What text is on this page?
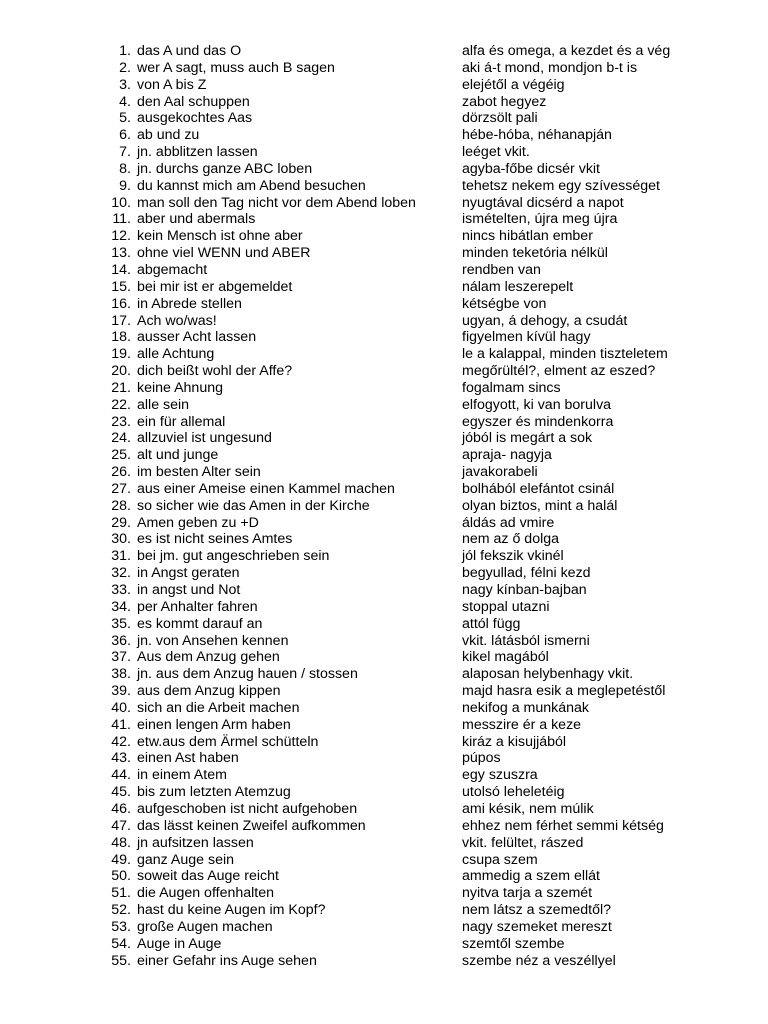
1. das A und das O	alfa és omega, a kezdet és a vég
2. wer A sagt, muss auch B sagen	aki á-t mond, mondjon b-t is
3. von A bis Z	elejétől a végéig
4. den Aal schuppen	zabot hegyez
5. ausgekochtes Aas	dörzsölt pali
6. ab und zu	hébe-hóba, néhanapján
7. jn. abblitzen lassen	leéget vkit.
8. jn. durchs ganze ABC loben	agyba-főbe dicsér vkit
9. du kannst mich am Abend besuchen	tehetsz nekem egy szívességet
10. man soll den Tag nicht vor dem Abend loben	nyugtával dicsérd a napot
11. aber und abermals	ismételten, újra meg újra
12. kein Mensch ist ohne aber	nincs hibátlan ember
13. ohne viel WENN und ABER	minden teketória nélkül
14. abgemacht	rendben van
15. bei mir ist er abgemeldet	nálam leszerepelt
16. in Abrede stellen	kétségbe von
17. Ach wo/was!	ugyan, á dehogy, a csudát
18. ausser Acht lassen	figyelmen kívül hagy
19. alle Achtung	le a kalappal, minden tiszteletem
20. dich beißt wohl der Affe?	megőrültél?, elment az eszed?
21. keine Ahnung	fogalmam sincs
22. alle sein	elfogyott, ki van borulva
23. ein für allemal	egyszer és mindenkorra
24. allzuviel ist ungesund	jóból is megárt a sok
25. alt und junge	apraja- nagyja
26. im besten Alter sein	javakorabeli
27. aus einer Ameise einen Kammel machen	bolhából elefántot csinál
28. so sicher wie das Amen in der Kirche	olyan biztos, mint a halál
29. Amen geben zu +D	áldás ad vmire
30. es ist nicht seines Amtes	nem az ő dolga
31. bei jm. gut angeschrieben sein	jól fekszik vkinél
32. in Angst geraten	begyullad, félni kezd
33. in angst und Not	nagy kínban-bajban
34. per Anhalter fahren	stoppal utazni
35. es kommt darauf an	attól függ
36. jn. von Ansehen kennen	vkit. látásból ismerni
37. Aus dem Anzug gehen	kikel magából
38. jn. aus dem Anzug hauen / stossen	alaposan helybenhagy vkit.
39. aus dem Anzug kippen	majd hasra esik a meglepetéstől
40. sich an die Arbeit machen	nekifog a munkának
41. einen lengen Arm haben	messzire ér a keze
42. etw.aus dem Ärmel schütteln	kiráz a kisujjából
43. einen Ast haben	púpos
44. in einem Atem	egy szuszra
45. bis zum letzten Atemzug	utolsó leheletéig
46. aufgeschoben ist nicht aufgehoben	ami késik, nem múlik
47. das lässt keinen Zweifel aufkommen	ehhez nem férhet semmi kétség
48. jn aufsitzen lassen	vkit. felültet, rászed
49. ganz Auge sein	csupa szem
50. soweit das Auge reicht	ammedig a szem ellát
51. die Augen offenhalten	nyitva tarja a szemét
52. hast du keine Augen im Kopf?	nem látsz a szemedtől?
53. große Augen machen	nagy szemeket mereszt
54. Auge in Auge	szemtől szembe
55. einer Gefahr ins Auge sehen	szembe néz a veszéllyel
